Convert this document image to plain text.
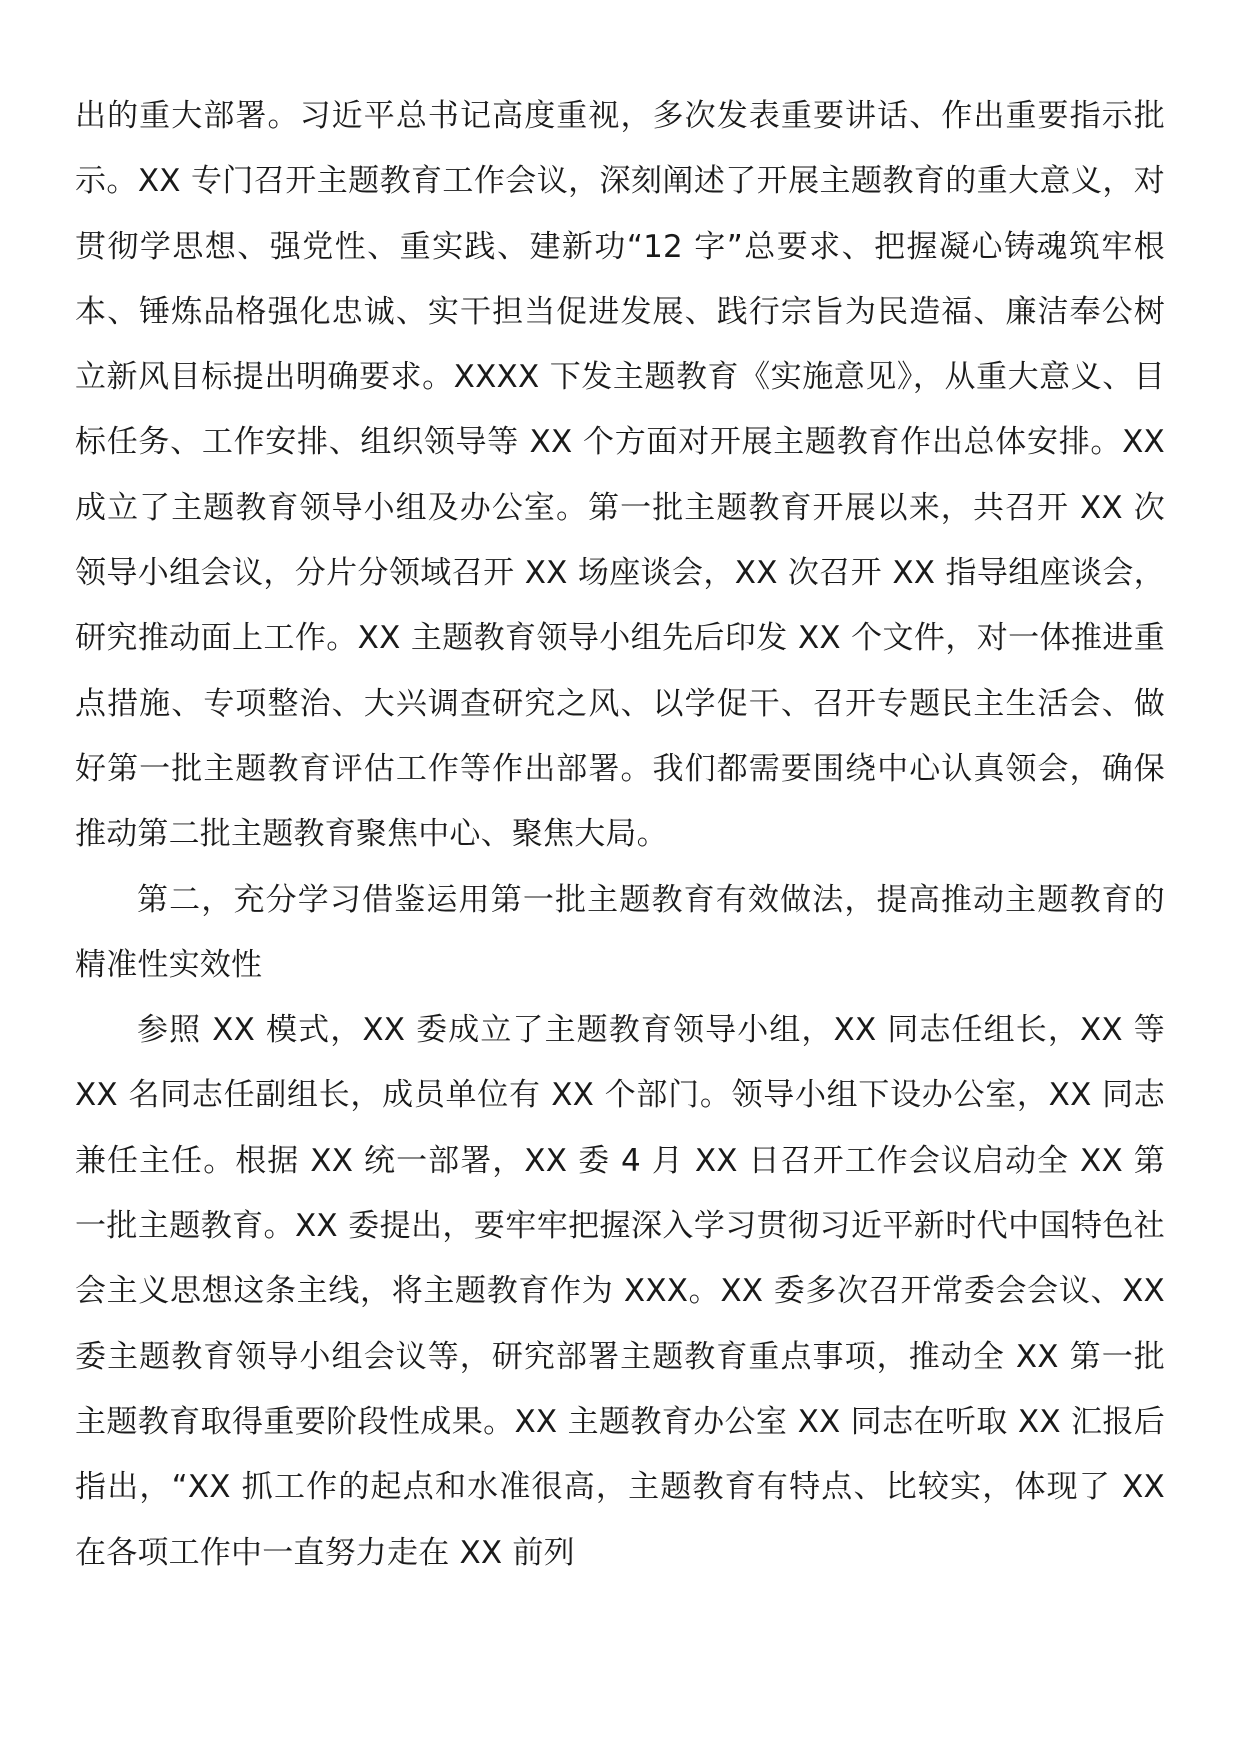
出的重大部署。习近平总书记高度重视，多次发表重要讲话、作出重要指示批示。XX 专门召开主题教育工作会议，深刻阐述了开展主题教育的重大意义，对贯彻学思想、强党性、重实践、建新功“12 字”总要求、把握凝心铸魂筑牢根本、锤炼品格强化忠诚、实干担当促进发展、践行宗旨为民造福、廉洁奉公树立新风目标提出明确要求。XXXX 下发主题教育《实施意见》，从重大意义、目标任务、工作安排、组织领导等 XX 个方面对开展主题教育作出总体安排。XX 成立了主题教育领导小组及办公室。第一批主题教育开展以来，共召开 XX 次领导小组会议，分片分领域召开 XX 场座谈会，XX 次召开 XX 指导组座谈会，研究推动面上工作。XX 主题教育领导小组先后印发 XX 个文件，对一体推进重点措施、专项整治、大兴调查研究之风、以学促干、召开专题民主生活会、做好第一批主题教育评估工作等作出部署。我们都需要围绕中心认真领会，确保推动第二批主题教育聚焦中心、聚焦大局。

第二，充分学习借鉴运用第一批主题教育有效做法，提高推动主题教育的精准性实效性

参照 XX 模式，XX 委成立了主题教育领导小组，XX 同志任组长，XX 等 XX 名同志任副组长，成员单位有 XX 个部门。领导小组下设办公室，XX 同志兼任主任。根据 XX 统一部署，XX 委 4 月 XX 日召开工作会议启动全 XX 第一批主题教育。XX 委提出，要牢牢把握深入学习贯彻习近平新时代中国特色社会主义思想这条主线，将主题教育作为 XXX。XX 委多次召开常委会会议、XX 委主题教育领导小组会议等，研究部署主题教育重点事项，推动全 XX 第一批主题教育取得重要阶段性成果。XX 主题教育办公室 XX 同志在听取 XX 汇报后指出，“XX 抓工作的起点和水准很高，主题教育有特点、比较实，体现了 XX 在各项工作中一直努力走在 XX 前列
